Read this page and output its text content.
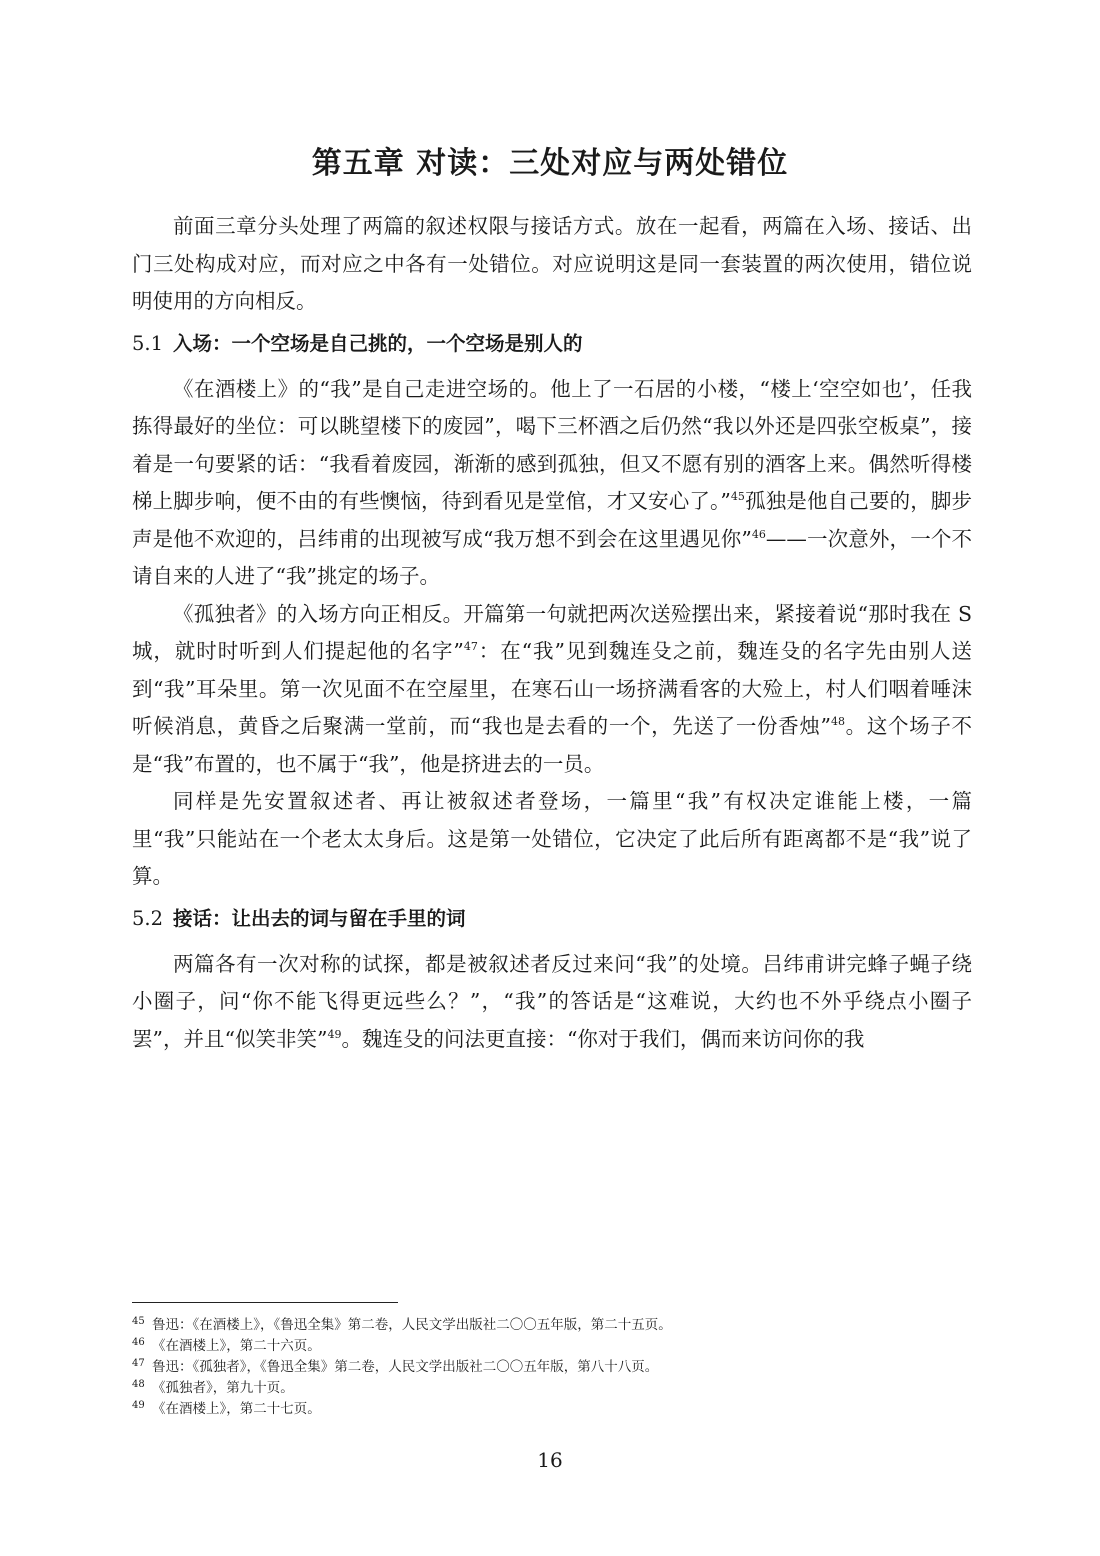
第五章 对读：三处对应与两处错位

前面三章分头处理了两篇的叙述权限与接话方式。放在一起看，两篇在入场、接话、出门三处构成对应，而对应之中各有一处错位。对应说明这是同一套装置的两次使用，错位说明使用的方向相反。

5.1 入场：一个空场是自己挑的，一个空场是别人的

《在酒楼上》的“我”是自己走进空场的。他上了一石居的小楼，“楼上‘空空如也’，任我拣得最好的坐位：可以眺望楼下的废园”，喝下三杯酒之后仍然“我以外还是四张空板桌”，接着是一句要紧的话：“我看着废园，渐渐的感到孤独，但又不愿有别的酒客上来。偶然听得楼梯上脚步响，便不由的有些懊恼，待到看见是堂倌，才又安心了。”$^{45}$孤独是他自己要的，脚步声是他不欢迎的，吕纬甫的出现被写成“我万想不到会在这里遇见你”$^{46}$——一次意外，一个不请自来的人进了“我”挑定的场子。

《孤独者》的入场方向正相反。开篇第一句就把两次送殓摆出来，紧接着说“那时我在 S 城，就时时听到人们提起他的名字”$^{47}$：在“我”见到魏连殳之前，魏连殳的名字先由别人送到“我”耳朵里。第一次见面不在空屋里，在寒石山一场挤满看客的大殓上，村人们咽着唾沫听候消息，黄昏之后聚满一堂前，而“我也是去看的一个，先送了一份香烛”$^{48}$。这个场子不是“我”布置的，也不属于“我”，他是挤进去的一员。

同样是先安置叙述者、再让被叙述者登场，一篇里“我”有权决定谁能上楼，一篇里“我”只能站在一个老太太身后。这是第一处错位，它决定了此后所有距离都不是“我”说了算。

5.2 接话：让出去的词与留在手里的词

两篇各有一次对称的试探，都是被叙述者反过来问“我”的处境。吕纬甫讲完蜂子蝇子绕小圈子，问“你不能飞得更远些么？”，“我”的答话是“这难说，大约也不外乎绕点小圈子罢”，并且“似笑非笑”$^{49}$。魏连殳的问法更直接：“你对于我们，偶而来访问你的我

45 鲁迅：《在酒楼上》，《鲁迅全集》第二卷，人民文学出版社二〇〇五年版，第二十五页。
46 《在酒楼上》，第二十六页。
47 鲁迅：《孤独者》，《鲁迅全集》第二卷，人民文学出版社二〇〇五年版，第八十八页。
48 《孤独者》，第九十页。
49 《在酒楼上》，第二十七页。
16
